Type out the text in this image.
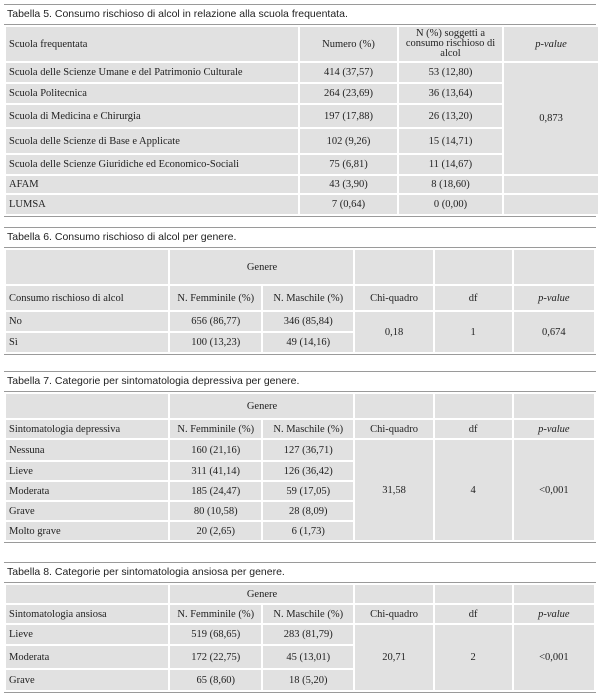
Tabella 5. Consumo rischioso di alcol in relazione alla scuola frequentata.
Scuola frequentata	Numero (%)	N (%) soggetti a consumo rischioso di alcol	p-value
Scuola delle Scienze Umane e del Patrimonio Culturale	414 (37,57)	53 (12,80)	0,873
Scuola Politecnica	264 (23,69)	36 (13,64)	
Scuola di Medicina e Chirurgia	197 (17,88)	26 (13,20)	
Scuola delle Scienze di Base e Applicate	102 (9,26)	15 (14,71)	
Scuola delle Scienze Giuridiche ed Economico-Sociali	75 (6,81)	11 (14,67)	
AFAM	43 (3,90)	8 (18,60)	
LUMSA	7 (0,64)	0 (0,00)	
Tabella 6. Consumo rischioso di alcol per genere.
	Genere				
Consumo rischioso di alcol	N. Femminile (%)	N. Maschile (%)	Chi-quadro	df	p-value
No	656 (86,77)	346 (85,84)	0,18	1	0,674
Sì	100 (13,23)	49 (14,16)			
Tabella 7. Categorie per sintomatologia depressiva per genere.
	Genere				
Sintomatologia depressiva	N. Femminile (%)	N. Maschile (%)	Chi-quadro	df	p-value
Nessuna	160 (21,16)	127 (36,71)	31,58	4	<0,001
Lieve	311 (41,14)	126 (36,42)			
Moderata	185 (24,47)	59 (17,05)			
Grave	80 (10,58)	28 (8,09)			
Molto grave	20 (2,65)	6 (1,73)			
Tabella 8. Categorie per sintomatologia ansiosa per genere.
	Genere				
Sintomatologia ansiosa	N. Femminile (%)	N. Maschile (%)	Chi-quadro	df	p-value
Lieve	519 (68,65)	283 (81,79)	20,71	2	<0,001
Moderata	172 (22,75)	45 (13,01)			
Grave	65 (8,60)	18 (5,20)			
